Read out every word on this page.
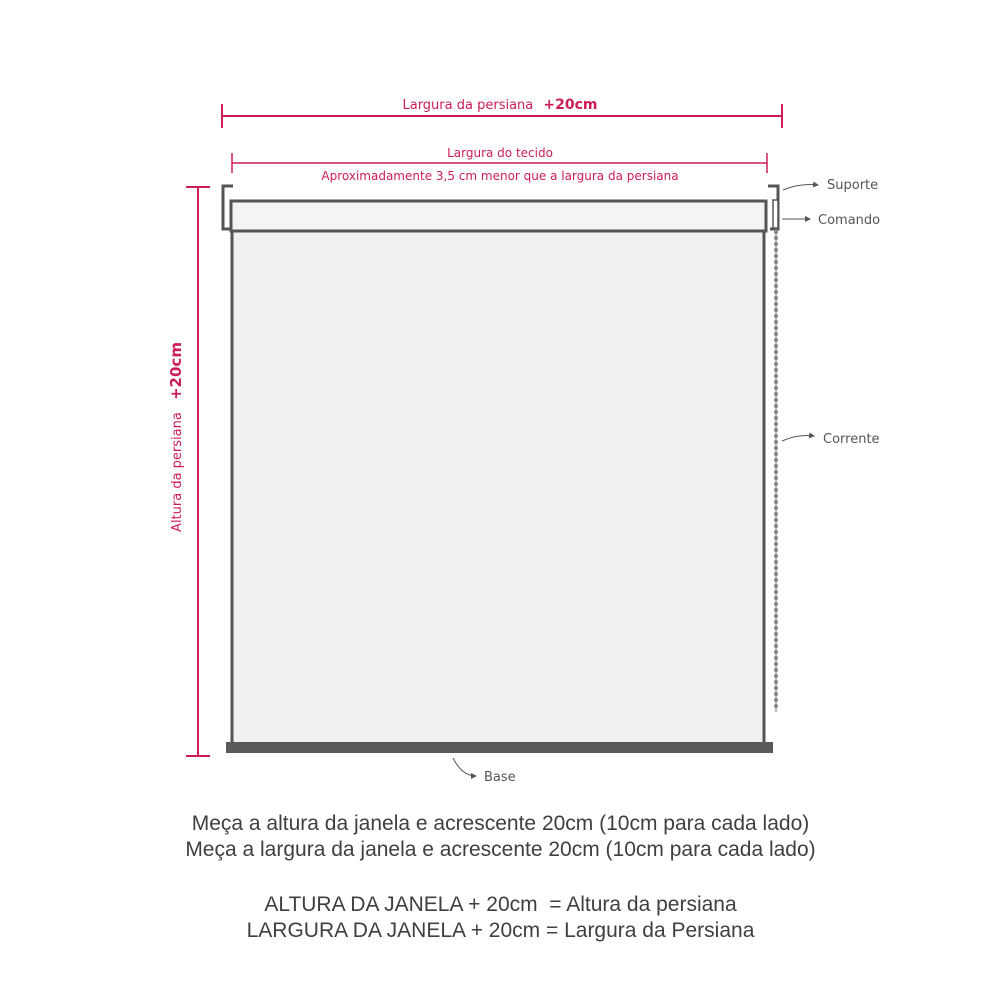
Largura da persiana +20cm
Largura do tecido
Aproximadamente 3,5 cm menor que a largura da persiana
Altura da persiana +20cm
Suporte
Comando
Corrente
Base

Meça a altura da janela e acrescente 20cm (10cm para cada lado)

Meça a largura da janela e acrescente 20cm (10cm para cada lado)

ALTURA DA JANELA + 20cm  = Altura da persiana

LARGURA DA JANELA + 20cm = Largura da Persiana
